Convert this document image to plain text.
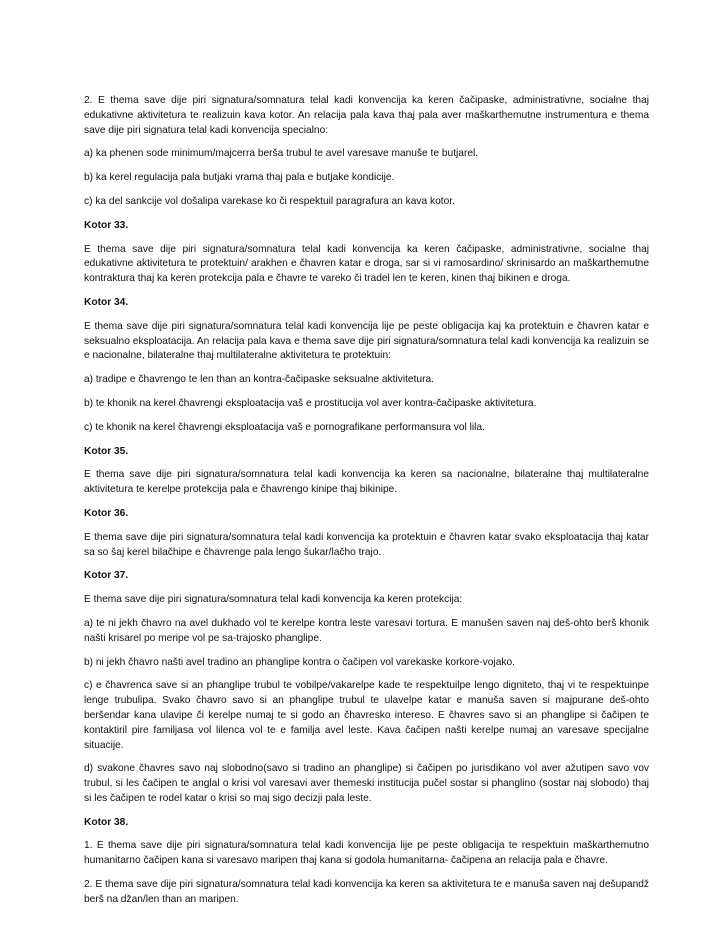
2. E thema save dije piri signatura/somnatura telal kadi konvencija ka keren čačipaske, administrativne, socialne thaj edukativne aktivitetura te realizuin kava kotor. An relacija pala kava thaj pala aver maškarthemutne instrumentura e thema save dije piri signatura telal kadi konvencija specialno:

a) ka phenen sode minimum/majcerra berša trubul te avel varesave manuše te butjarel.

b) ka kerel regulacija pala butjaki vrama thaj pala e butjake kondicije.

c) ka del sankcije vol došalipa varekase ko či respektuil paragrafura an kava kotor.

Kotor 33.

E thema save dije piri signatura/somnatura telal kadi konvencija ka keren čačipaske, administrativne, socialne thaj edukativne aktivitetura te protektuin/ arakhen e čhavren katar e droga, sar si vi ramosardino/ skrinisardo an maškarthemutne kontraktura thaj ka keren protekcija pala e čhavre te vareko či tradel len te keren, kinen thaj bikinen e droga.

Kotor 34.

E thema save dije piri signatura/somnatura telal kadi konvencija lije pe peste obligacija kaj ka protektuin e čhavren katar e seksualno eksploatacija. An relacija pala kava e thema save dije piri signatura/somnatura telal kadi konvencija ka realizuin se e nacionalne, bilateralne thaj multilateralne aktivitetura te protektuin:

a) tradipe e čhavrengo te len than an kontra-čačipaske seksualne aktivitetura.

b) te khonik na kerel čhavrengi eksploatacija vaš e prostitucija vol aver kontra-čačipaske aktivitetura.

c) te khonik na kerel čhavrengi eksploatacija vaš e pornografikane performansura vol lila.

Kotor 35.

E thema save dije piri signatura/somnatura telal kadi konvencija ka keren sa nacionalne, bilateralne thaj multilateralne aktivitetura te kerelpe protekcija pala e čhavrengo kinipe thaj bikinipe.

Kotor 36.

E thema save dije piri signatura/somnatura telal kadi konvencija ka protektuin e čhavren katar svako eksploatacija thaj katar sa so šaj kerel bilačhipe e čhavrenge pala lengo šukar/lačho trajo.

Kotor 37.

E thema save dije piri signatura/somnatura telal kadi konvencija ka keren protekcija:

a) te ni jekh čhavro na avel dukhado vol te kerelpe kontra leste varesavi tortura. E manušen saven naj deš-ohto berš khonik našti krisarel po meripe vol pe sa-trajosko phanglipe.

b) ni jekh čhavro našti avel tradino an phanglipe kontra o čačipen vol varekaske korkore-vojako.

c) e čhavrenca save si an phanglipe trubul te vobilpe/vakarelpe kade te respektuilpe lengo digniteto, thaj vi te respektuinpe lenge trubulipa. Svako čhavro savo si an phanglipe trubul te ulavelpe katar e manuša saven si majpurane deš-ohto beršendar kana ulavipe či kerelpe numaj te si godo an čhavresko intereso. E čhavres savo si an phanglipe si čačipen te kontaktiril pire familjasa vol lilenca vol te e familja avel leste. Kava čačipen našti kerelpe numaj an varesave specijalne situacije.

d) svakone čhavres savo naj slobodno(savo si tradino an phanglipe) si čačipen po jurisdikano vol aver ažutipen savo vov trubul, si les čačipen te anglal o krisi vol varesavi aver themeski institucija pučel sostar si phanglino (sostar naj slobodo) thaj si les čačipen te rodel katar o krisi so maj sigo decizji pala leste.

Kotor 38.

1. E thema save dije piri signatura/somnatura telal kadi konvencija lije pe peste obligacija te respektuin maškarthemutno humanitarno čačipen kana si varesavo maripen thaj kana si godola humanitarna- čačipena an relacija pala e čhavre.

2. E thema save dije piri signatura/somnatura telal kadi konvencija ka keren sa aktivitetura te e manuša saven naj dešupandž berš na džan/len than an maripen.
